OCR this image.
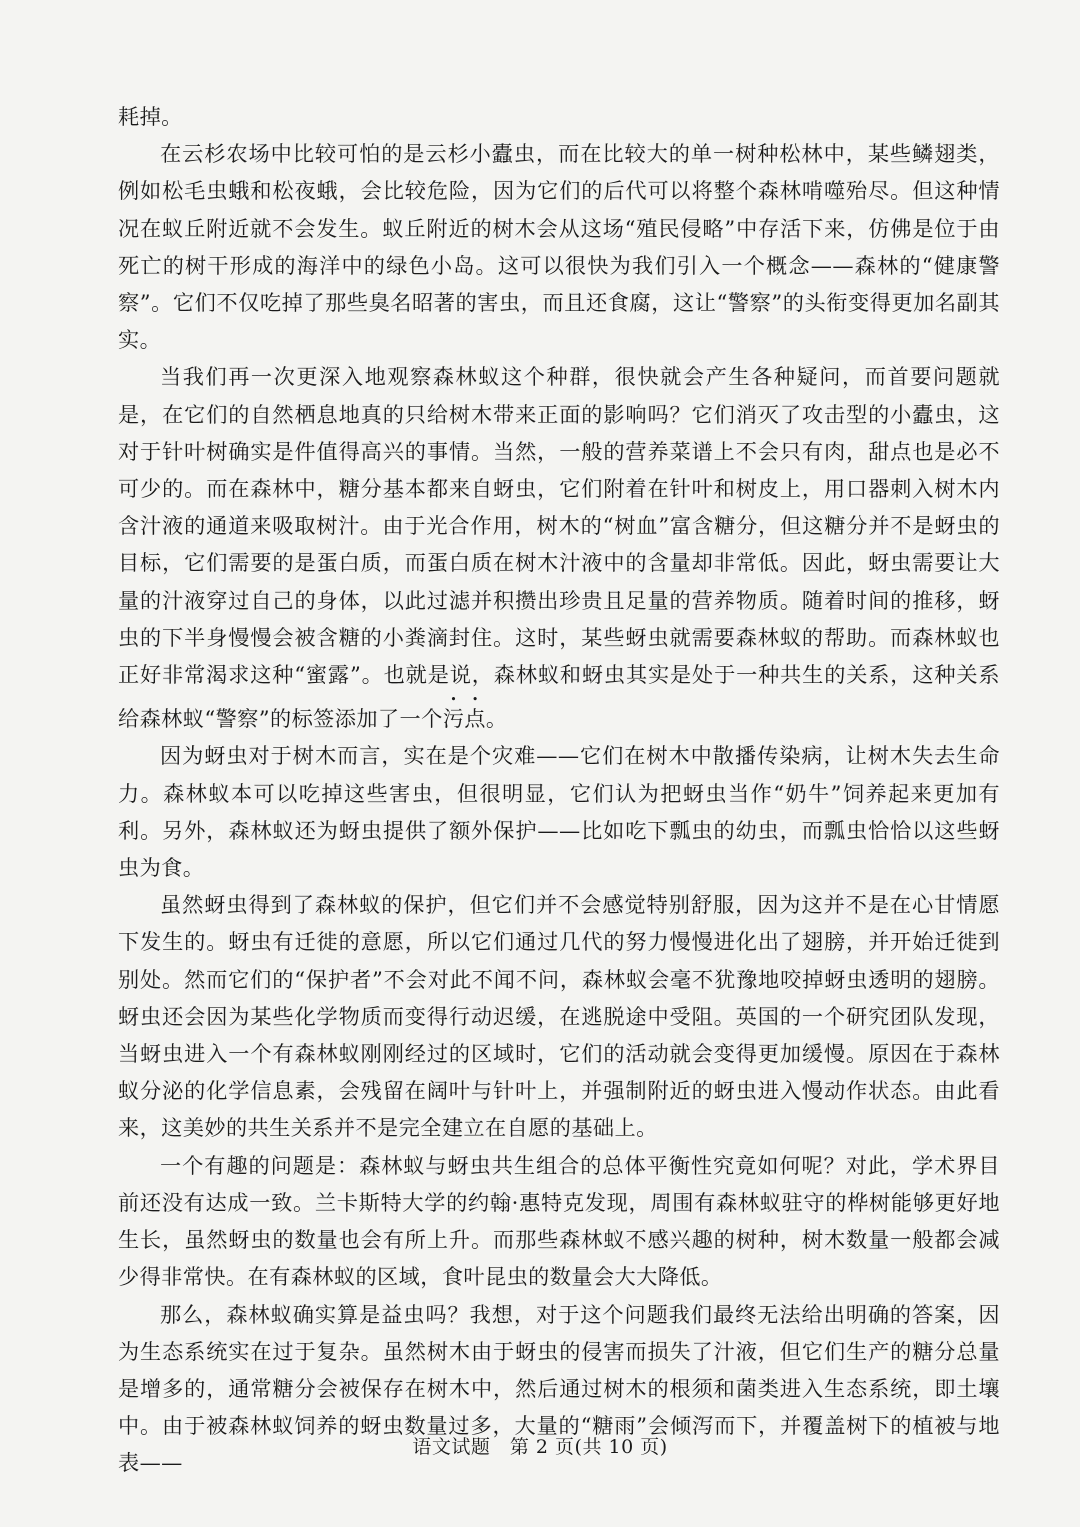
耗掉。

在云杉农场中比较可怕的是云杉小蠹虫，而在比较大的单一树种松林中，某些鳞翅类，例如松毛虫蛾和松夜蛾，会比较危险，因为它们的后代可以将整个森林啃噬殆尽。但这种情况在蚁丘附近就不会发生。蚁丘附近的树木会从这场“殖民侵略”中存活下来，仿佛是位于由死亡的树干形成的海洋中的绿色小岛。这可以很快为我们引入一个概念——森林的“健康警察”。它们不仅吃掉了那些臭名昭著的害虫，而且还食腐，这让“警察”的头衔变得更加名副其实。

当我们再一次更深入地观察森林蚁这个种群，很快就会产生各种疑问，而首要问题就是，在它们的自然栖息地真的只给树木带来正面的影响吗？它们消灭了攻击型的小蠹虫，这对于针叶树确实是件值得高兴的事情。当然，一般的营养菜谱上不会只有肉，甜点也是必不可少的。而在森林中，糖分基本都来自蚜虫，它们附着在针叶和树皮上，用口器刺入树木内含汁液的通道来吸取树汁。由于光合作用，树木的“树血”富含糖分，但这糖分并不是蚜虫的目标，它们需要的是蛋白质，而蛋白质在树木汁液中的含量却非常低。因此，蚜虫需要让大量的汁液穿过自己的身体，以此过滤并积攒出珍贵且足量的营养物质。随着时间的推移，蚜虫的下半身慢慢会被含糖的小粪滴封住。这时，某些蚜虫就需要森林蚁的帮助。而森林蚁也正好非常渴求这种“蜜露”。也就是说，森林蚁和蚜虫其实是处于一种共生的关系，这种关系给森林蚁“警察”的标签添加了一个污点。

因为蚜虫对于树木而言，实在是个灾难——它们在树木中散播传染病，让树木失去生命力。森林蚁本可以吃掉这些害虫，但很明显，它们认为把蚜虫当作“奶牛”饲养起来更加有利。另外，森林蚁还为蚜虫提供了额外保护——比如吃下瓢虫的幼虫，而瓢虫恰恰以这些蚜虫为食。

虽然蚜虫得到了森林蚁的保护，但它们并不会感觉特别舒服，因为这并不是在心甘情愿下发生的。蚜虫有迁徙的意愿，所以它们通过几代的努力慢慢进化出了翅膀，并开始迁徙到别处。然而它们的“保护者”不会对此不闻不问，森林蚁会毫不犹豫地咬掉蚜虫透明的翅膀。蚜虫还会因为某些化学物质而变得行动迟缓，在逃脱途中受阻。英国的一个研究团队发现，当蚜虫进入一个有森林蚁刚刚经过的区域时，它们的活动就会变得更加缓慢。原因在于森林蚁分泌的化学信息素，会残留在阔叶与针叶上，并强制附近的蚜虫进入慢动作状态。由此看来，这美妙的共生关系并不是完全建立在自愿的基础上。

一个有趣的问题是：森林蚁与蚜虫共生组合的总体平衡性究竟如何呢？对此，学术界目前还没有达成一致。兰卡斯特大学的约翰·惠特克发现，周围有森林蚁驻守的桦树能够更好地生长，虽然蚜虫的数量也会有所上升。而那些森林蚁不感兴趣的树种，树木数量一般都会减少得非常快。在有森林蚁的区域，食叶昆虫的数量会大大降低。

那么，森林蚁确实算是益虫吗？我想，对于这个问题我们最终无法给出明确的答案，因为生态系统实在过于复杂。虽然树木由于蚜虫的侵害而损失了汁液，但它们生产的糖分总量是增多的，通常糖分会被保存在树木中，然后通过树木的根须和菌类进入生态系统，即土壤中。由于被森林蚁饲养的蚜虫数量过多，大量的“糖雨”会倾泻而下，并覆盖树下的植被与地表——

语文试题　第 2 页(共 10 页)
